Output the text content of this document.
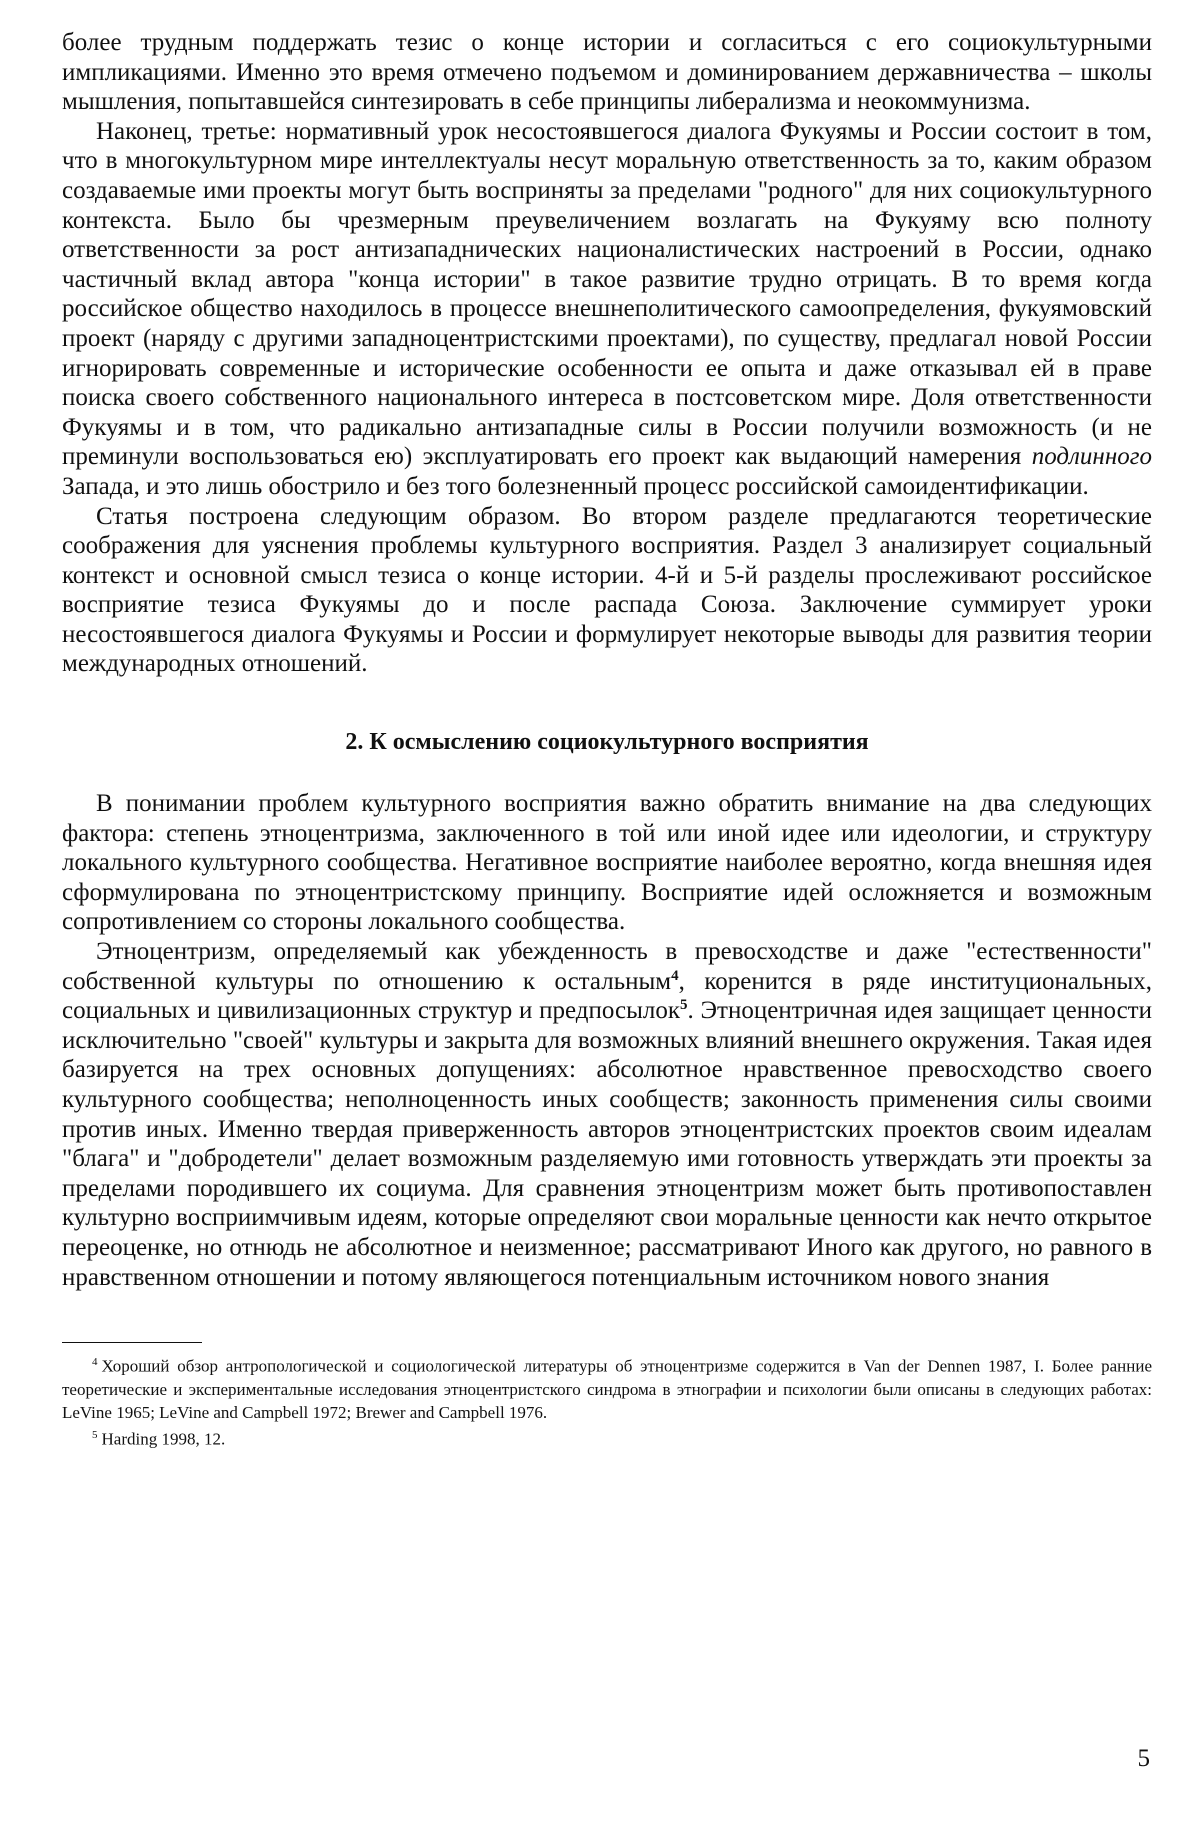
более трудным поддержать тезис о конце истории и согласиться с его социокультурными импликациями. Именно это время отмечено подъемом и доминированием державничества – школы мышления, попытавшейся синтезировать в себе принципы либерализма и неокоммунизма.

Наконец, третье: нормативный урок несостоявшегося диалога Фукуямы и России состоит в том, что в многокультурном мире интеллектуалы несут моральную ответственность за то, каким образом создаваемые ими проекты могут быть восприняты за пределами "родного" для них социокультурного контекста. Было бы чрезмерным преувеличением возлагать на Фукуяму всю полноту ответственности за рост антизападнических националистических настроений в России, однако частичный вклад автора "конца истории" в такое развитие трудно отрицать. В то время когда российское общество находилось в процессе внешнеполитического самоопределения, фукуямовский проект (наряду с другими западноцентристскими проектами), по существу, предлагал новой России игнорировать современные и исторические особенности ее опыта и даже отказывал ей в праве поиска своего собственного национального интереса в постсоветском мире. Доля ответственности Фукуямы и в том, что радикально антизападные силы в России получили возможность (и не преминули воспользоваться ею) эксплуатировать его проект как выдающий намерения подлинного Запада, и это лишь обострило и без того болезненный процесс российской самоидентификации.

Статья построена следующим образом. Во втором разделе предлагаются теоретические соображения для уяснения проблемы культурного восприятия. Раздел 3 анализирует социальный контекст и основной смысл тезиса о конце истории. 4-й и 5-й разделы прослеживают российское восприятие тезиса Фукуямы до и после распада Союза. Заключение суммирует уроки несостоявшегося диалога Фукуямы и России и формулирует некоторые выводы для развития теории международных отношений.

2. К осмыслению социокультурного восприятия

В понимании проблем культурного восприятия важно обратить внимание на два следующих фактора: степень этноцентризма, заключенного в той или иной идее или идеологии, и структуру локального культурного сообщества. Негативное восприятие наиболее вероятно, когда внешняя идея сформулирована по этноцентристскому принципу. Восприятие идей осложняется и возможным сопротивлением со стороны локального сообщества.

Этноцентризм, определяемый как убежденность в превосходстве и даже "естественности" собственной культуры по отношению к остальным$^4$, коренится в ряде институциональных, социальных и цивилизационных структур и предпосылок$^5$. Этноцентричная идея защищает ценности исключительно "своей" культуры и закрыта для возможных влияний внешнего окружения. Такая идея базируется на трех основных допущениях: абсолютное нравственное превосходство своего культурного сообщества; неполноценность иных сообществ; законность применения силы своими против иных. Именно твердая приверженность авторов этноцентристских проектов своим идеалам "блага" и "добродетели" делает возможным разделяемую ими готовность утверждать эти проекты за пределами породившего их социума. Для сравнения этноцентризм может быть противопоставлен культурно восприимчивым идеям, которые определяют свои моральные ценности как нечто открытое переоценке, но отнюдь не абсолютное и неизменное; рассматривают Иного как другого, но равного в нравственном отношении и потому являющегося потенциальным источником нового знания

$^4$ Хороший обзор антропологической и социологической литературы об этноцентризме содержится в Van der Dennen 1987, I. Более ранние теоретические и экспериментальные исследования этноцентристского синдрома в этнографии и психологии были описаны в следующих работах: LeVine 1965; LeVine and Campbell 1972; Brewer and Campbell 1976.

$^5$ Harding 1998, 12.

5
